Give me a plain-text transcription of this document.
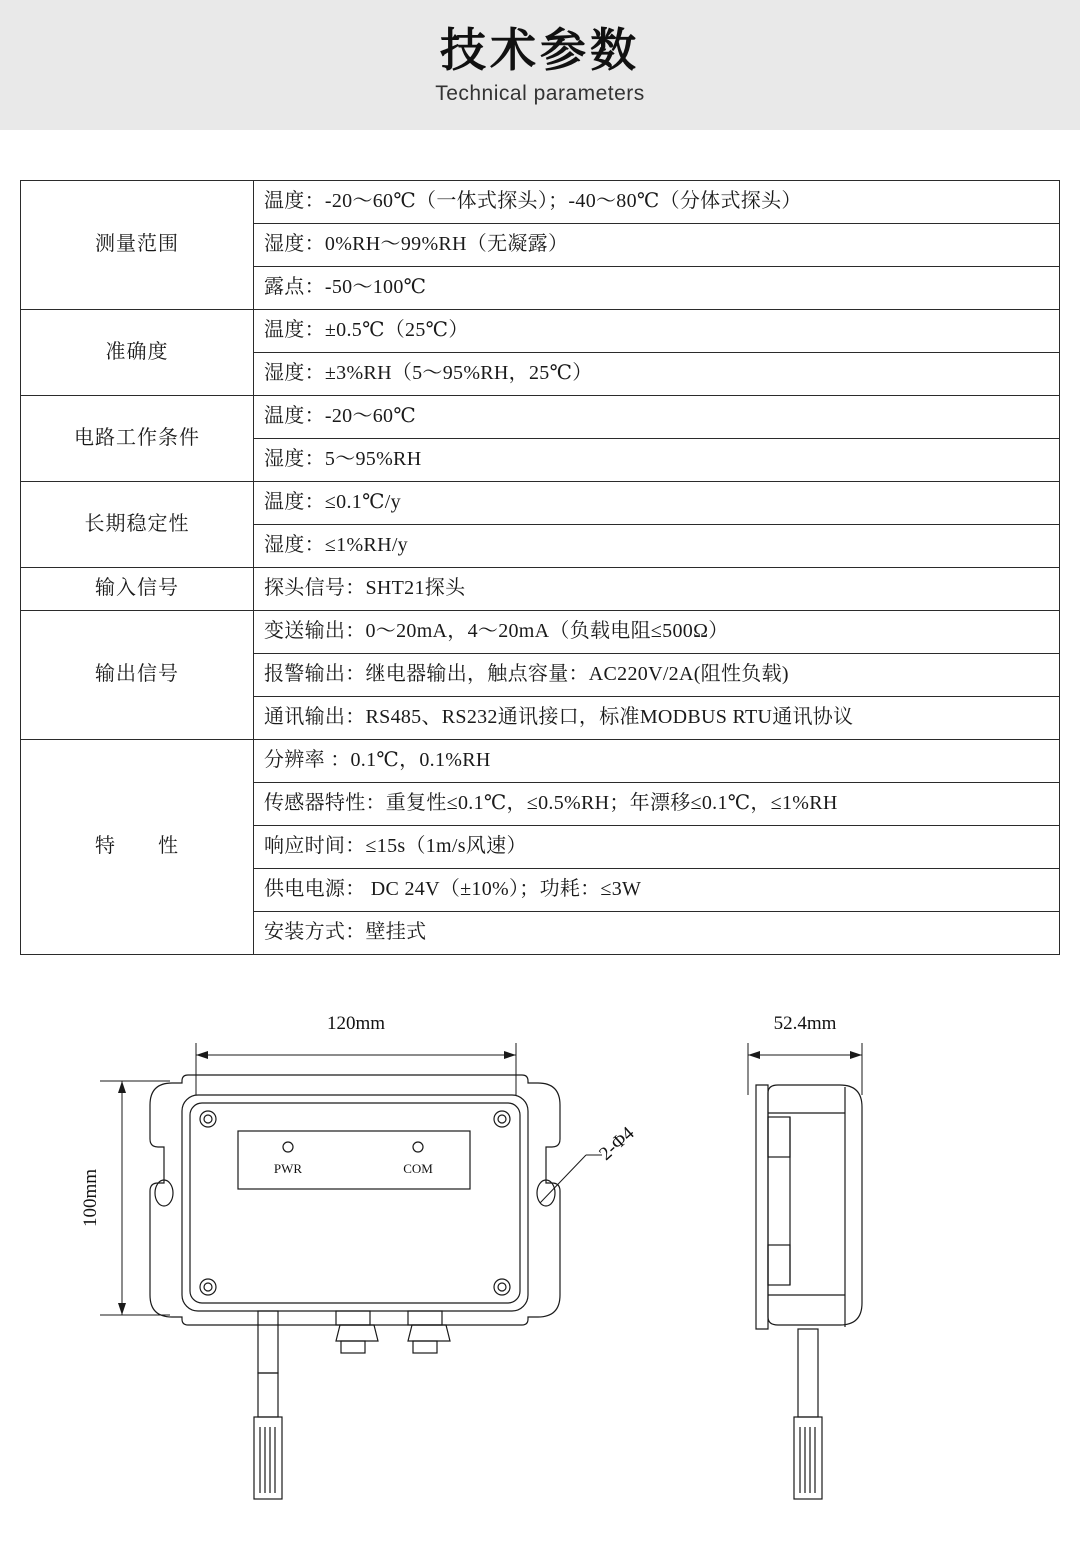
技术参数
Technical parameters
测量范围	温度：-20～60℃（一体式探头）；-40～80℃（分体式探头）
	湿度：0%RH～99%RH（无凝露）
	露点：-50～100℃
准确度	温度：±0.5℃（25℃）
	湿度：±3%RH（5～95%RH，25℃）
电路工作条件	温度：-20～60℃
	湿度：5～95%RH
长期稳定性	温度：≤0.1℃/y
	湿度：≤1%RH/y
输入信号	探头信号：SHT21探头
输出信号	变送输出：0～20mA，4～20mA（负载电阻≤500Ω）
	报警输出：继电器输出，触点容量：AC220V/2A(阻性负载)
	通讯输出：RS485、RS232通讯接口，标准MODBUS RTU通讯协议
特　　性	分辨率 ：0.1℃，0.1%RH
	传感器特性：重复性≤0.1℃，≤0.5%RH；年漂移≤0.1℃，≤1%RH
	响应时间：≤15s（1m/s风速）
	供电电源： DC 24V（±10%）；功耗：≤3W
	安装方式：壁挂式
120mm	52.4mm
100mm
2-Φ4
PWR	COM
